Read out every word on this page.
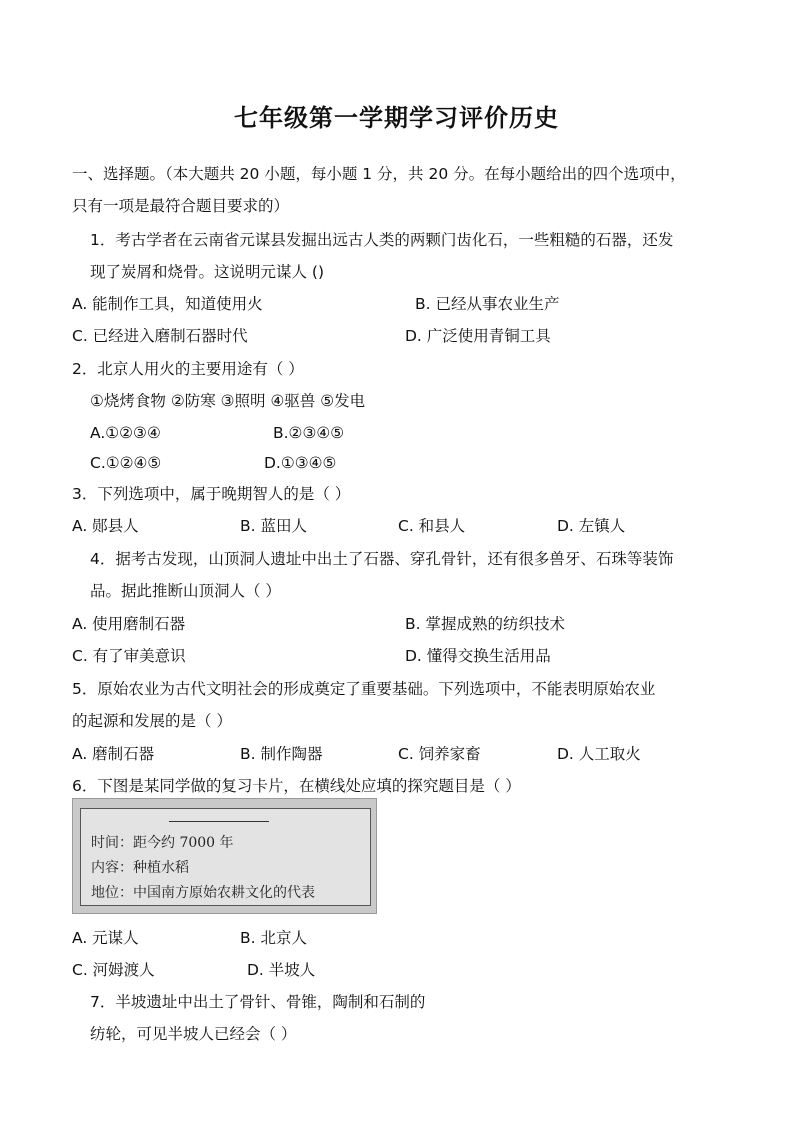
七年级第一学期学习评价历史
一、选择题。（本大题共 20 小题，每小题 1 分，共 20 分。在每小题给出的四个选项中，
只有一项是最符合题目要求的）
1．考古学者在云南省元谋县发掘出远古人类的两颗门齿化石，一些粗糙的石器，还发
现了炭屑和烧骨。这说明元谋人 ()
A. 能制作工具，知道使用火	B. 已经从事农业生产
C. 已经进入磨制石器时代	D. 广泛使用青铜工具
2．北京人用火的主要用途有（ ）
①烧烤食物 ②防寒 ③照明 ④驱兽 ⑤发电
A.①②③④	B.②③④⑤
C.①②④⑤	D.①③④⑤
3．下列选项中，属于晚期智人的是（ ）
A. 郧县人	B. 蓝田人	C. 和县人	D. 左镇人
4．据考古发现，山顶洞人遗址中出土了石器、穿孔骨针，还有很多兽牙、石珠等装饰
品。据此推断山顶洞人（ ）
A. 使用磨制石器	B. 掌握成熟的纺织技术
C. 有了审美意识	D. 懂得交换生活用品
5．原始农业为古代文明社会的形成奠定了重要基础。下列选项中，不能表明原始农业
的起源和发展的是（ ）
A. 磨制石器	B. 制作陶器	C. 饲养家畜	D. 人工取火
6．下图是某同学做的复习卡片，在横线处应填的探究题目是（ ）
时间：距今约 7000 年
内容：种植水稻
地位：中国南方原始农耕文化的代表
A. 元谋人	B. 北京人
C. 河姆渡人	D. 半坡人
7．半坡遗址中出土了骨针、骨锥，陶制和石制的
纺轮，可见半坡人已经会（ ）
